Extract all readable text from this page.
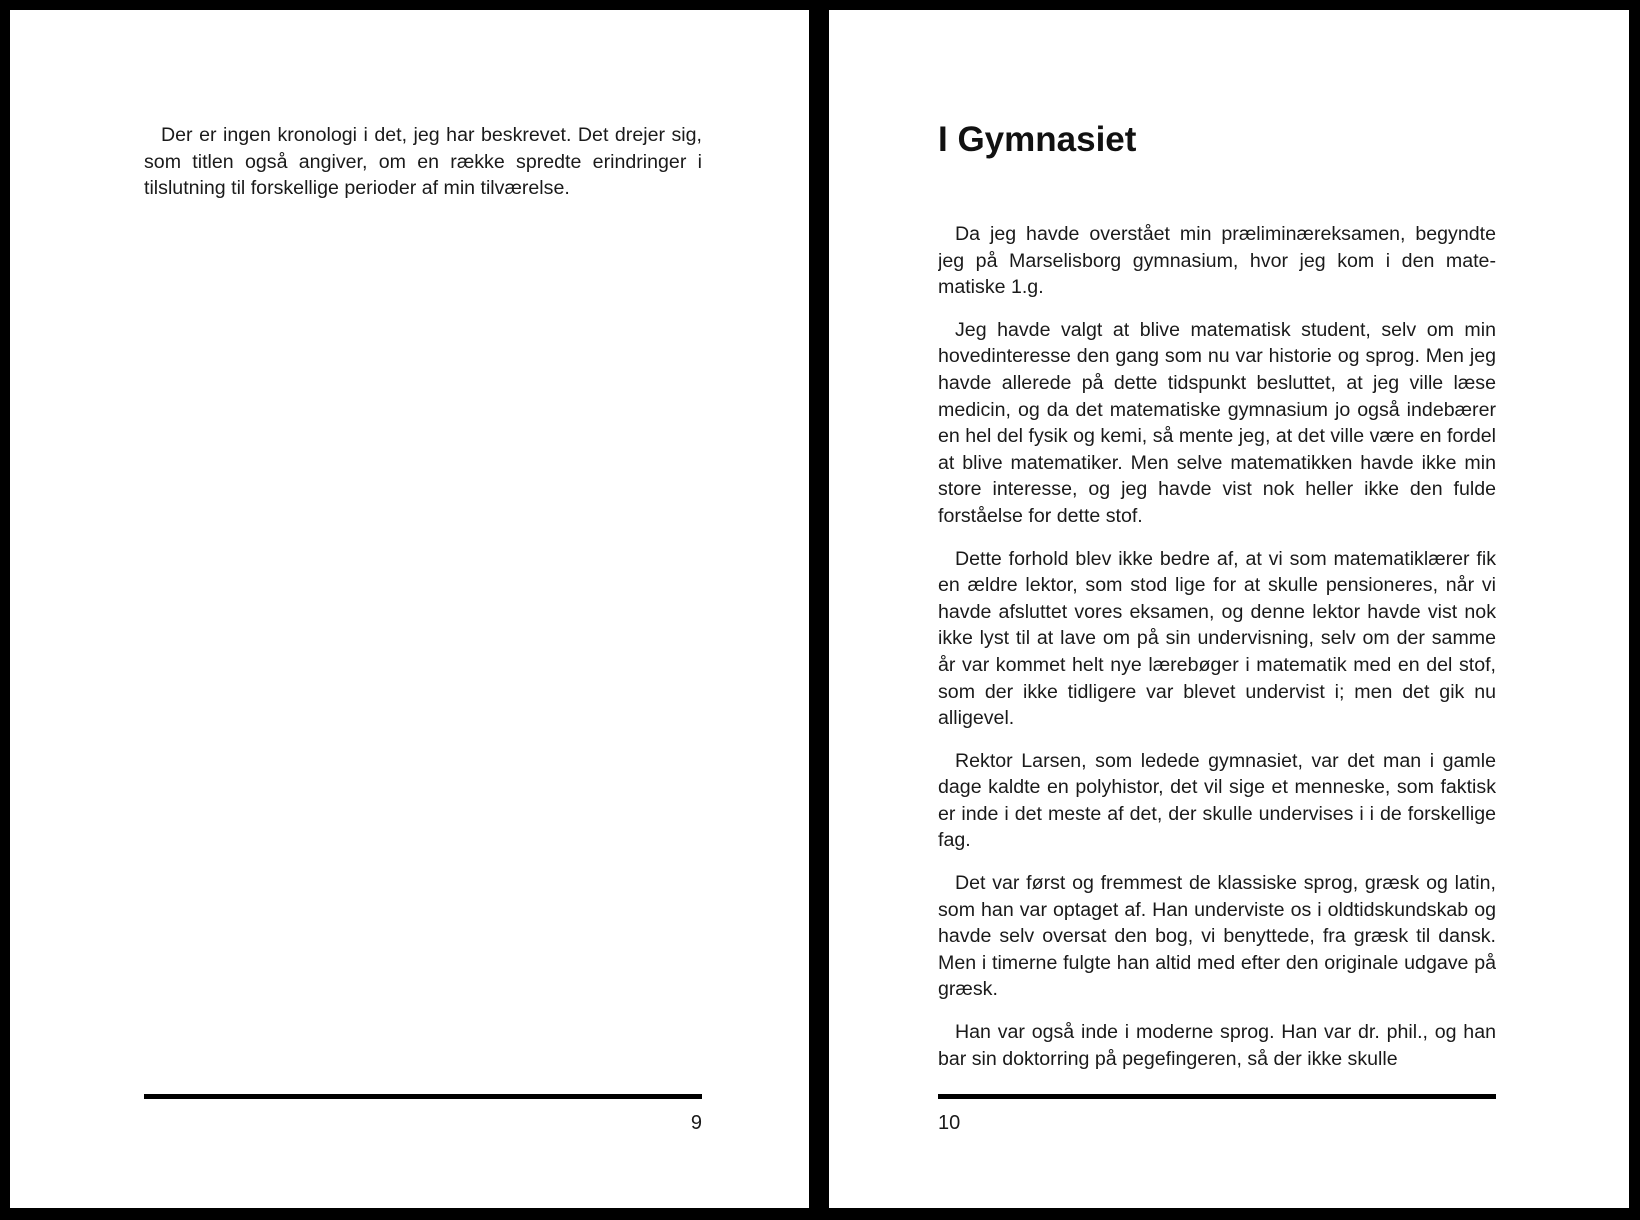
Der er ingen kronologi i det, jeg har beskrevet. Det drejer sig, som titlen også angiver, om en række spredte erindringer i tilslutning til forskellige perioder af min tilværelse.

9
I Gymnasiet

Da jeg havde overstået min præliminæreksamen, begyndte jeg på Marselisborg gymnasium, hvor jeg kom i den matematiske 1.g.

Jeg havde valgt at blive matematisk student, selv om min hovedinteresse den gang som nu var historie og sprog. Men jeg havde allerede på dette tidspunkt besluttet, at jeg ville læse medicin, og da det matematiske gymnasium jo også indebærer en hel del fysik og kemi, så mente jeg, at det ville være en fordel at blive matematiker. Men selve matematikken havde ikke min store interesse, og jeg havde vist nok heller ikke den fulde forståelse for dette stof.

Dette forhold blev ikke bedre af, at vi som matematiklærer fik en ældre lektor, som stod lige for at skulle pensioneres, når vi havde afsluttet vores eksamen, og denne lektor havde vist nok ikke lyst til at lave om på sin undervisning, selv om der samme år var kommet helt nye lærebøger i matematik med en del stof, som der ikke tidligere var blevet undervist i; men det gik nu alligevel.

Rektor Larsen, som ledede gymnasiet, var det man i gamle dage kaldte en polyhistor, det vil sige et menneske, som faktisk er inde i det meste af det, der skulle undervises i i de forskellige fag.

Det var først og fremmest de klassiske sprog, græsk og latin, som han var optaget af. Han underviste os i oldtidskundskab og havde selv oversat den bog, vi benyttede, fra græsk til dansk. Men i timerne fulgte han altid med efter den originale udgave på græsk.

Han var også inde i moderne sprog. Han var dr. phil., og han bar sin doktorring på pegefingeren, så der ikke skulle

10
